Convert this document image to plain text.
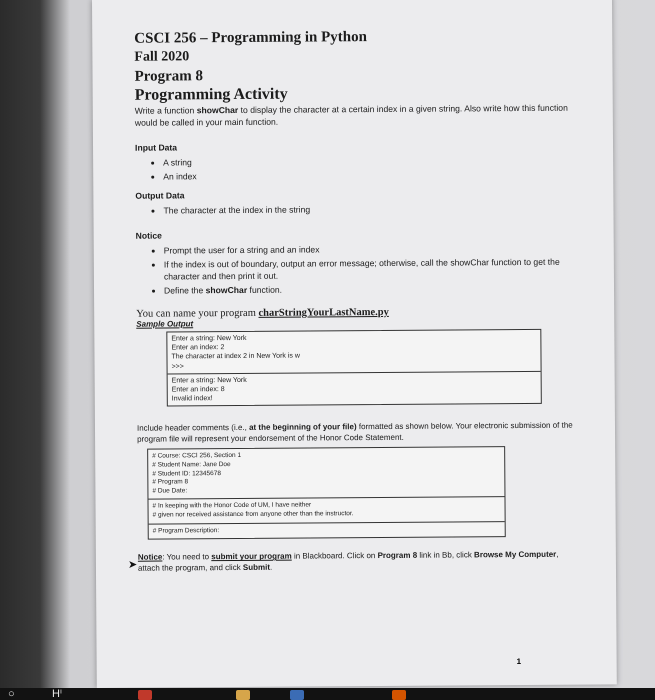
CSCI 256 – Programming in Python
Fall 2020
Program 8
Programming Activity
Write a function showChar to display the character at a certain index in a given string. Also write how this function would be called in your main function.
Input Data
• A string
• An index
Output Data
• The character at the index in the string
Notice
• Prompt the user for a string and an index
• If the index is out of boundary, output an error message; otherwise, call the showChar function to get the character and then print it out.
• Define the showChar function.
You can name your program charStringYourLastName.py
Sample Output
Enter a string: New York
Enter an index: 2
The character at index 2 in New York is w
>>>
Enter a string: New York
Enter an index: 8
Invalid index!
Include header comments (i.e., at the beginning of your file) formatted as shown below. Your electronic submission of the program file will represent your endorsement of the Honor Code Statement.
# Course: CSCI 256, Section 1
# Student Name: Jane Doe
# Student ID: 12345678
# Program 8
# Due Date:
# In keeping with the Honor Code of UM, I have neither
# given nor received assistance from anyone other than the instructor.
# Program Description:
Notice: You need to submit your program in Blackboard. Click on Program 8 link in Bb, click Browse My Computer, attach the program, and click Submit.
1
➤
○	Hⁱ
